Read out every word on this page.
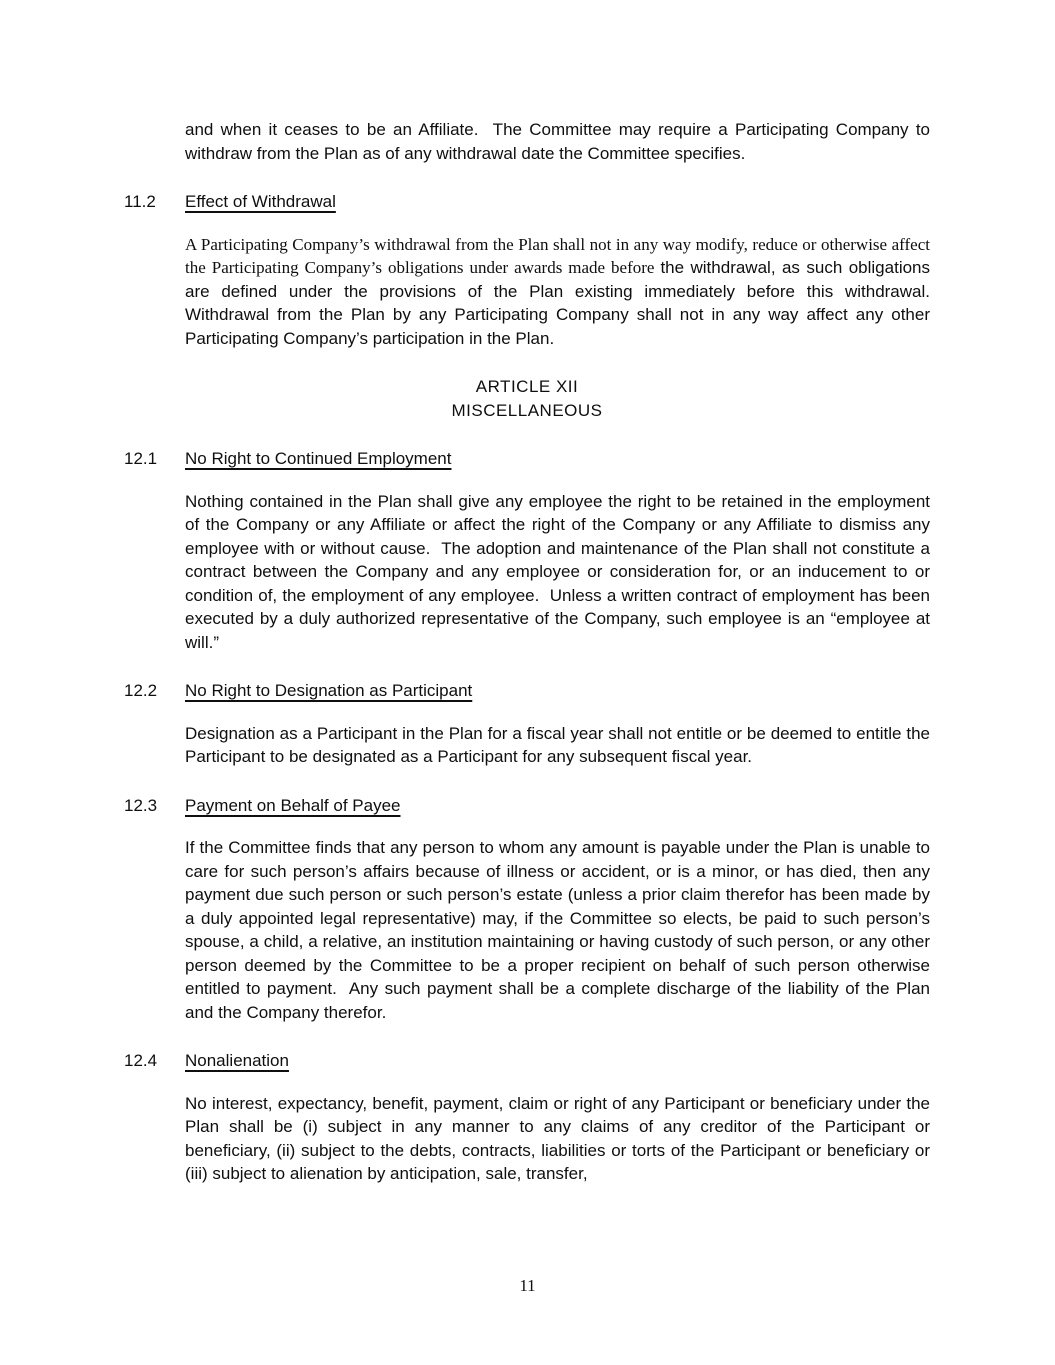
and when it ceases to be an Affiliate.  The Committee may require a Participating Company to withdraw from the Plan as of any withdrawal date the Committee specifies.

11.2	Effect of Withdrawal

A Participating Company’s withdrawal from the Plan shall not in any way modify, reduce or otherwise affect the Participating Company’s obligations under awards made before the withdrawal, as such obligations are defined under the provisions of the Plan existing immediately before this withdrawal.  Withdrawal from the Plan by any Participating Company shall not in any way affect any other Participating Company’s participation in the Plan.

ARTICLE XII
MISCELLANEOUS
12.1	No Right to Continued Employment

Nothing contained in the Plan shall give any employee the right to be retained in the employment of the Company or any Affiliate or affect the right of the Company or any Affiliate to dismiss any employee with or without cause.  The adoption and maintenance of the Plan shall not constitute a contract between the Company and any employee or consideration for, or an inducement to or condition of, the employment of any employee.  Unless a written contract of employment has been executed by a duly authorized representative of the Company, such employee is an “employee at will.”

12.2	No Right to Designation as Participant

Designation as a Participant in the Plan for a fiscal year shall not entitle or be deemed to entitle the Participant to be designated as a Participant for any subsequent fiscal year.

12.3	Payment on Behalf of Payee

If the Committee finds that any person to whom any amount is payable under the Plan is unable to care for such person’s affairs because of illness or accident, or is a minor, or has died, then any payment due such person or such person’s estate (unless a prior claim therefor has been made by a duly appointed legal representative) may, if the Committee so elects, be paid to such person’s spouse, a child, a relative, an institution maintaining or having custody of such person, or any other person deemed by the Committee to be a proper recipient on behalf of such person otherwise entitled to payment.  Any such payment shall be a complete discharge of the liability of the Plan and the Company therefor.

12.4	Nonalienation

No interest, expectancy, benefit, payment, claim or right of any Participant or beneficiary under the Plan shall be (i) subject in any manner to any claims of any creditor of the Participant or beneficiary, (ii) subject to the debts, contracts, liabilities or torts of the Participant or beneficiary or (iii) subject to alienation by anticipation, sale, transfer,

11
